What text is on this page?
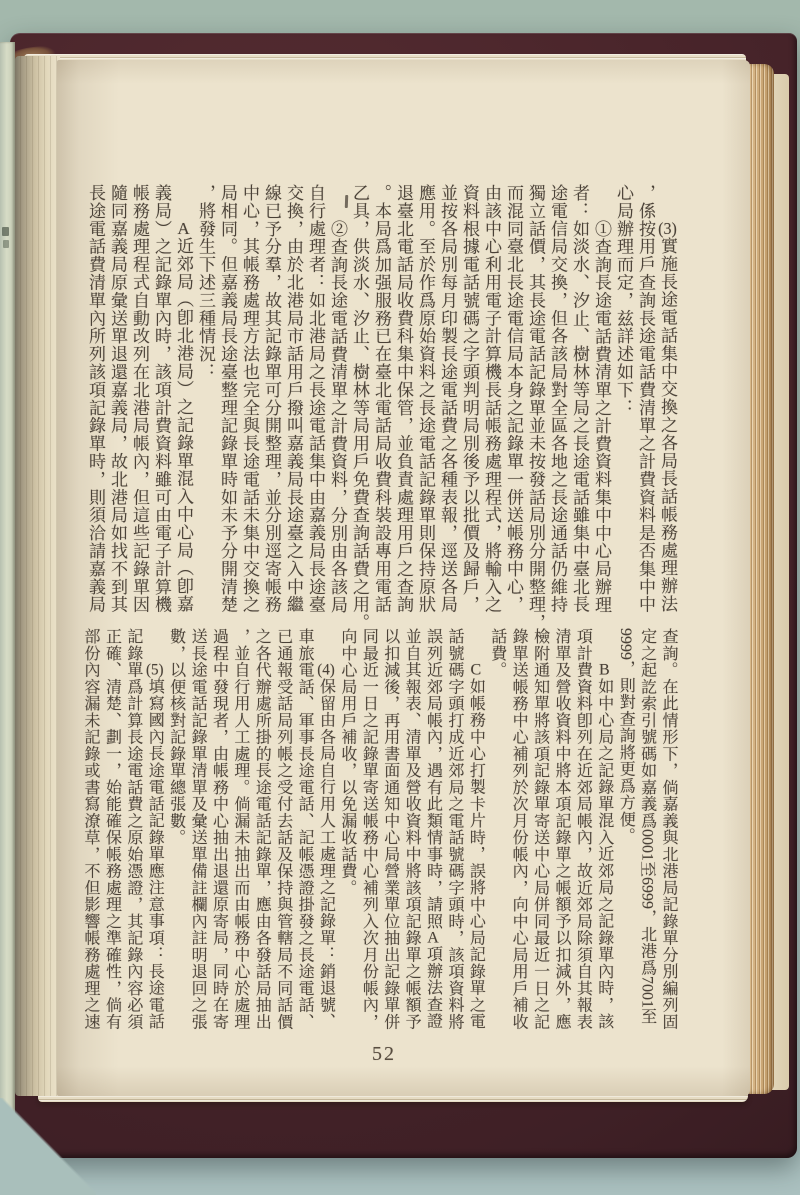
(3)實施長途電話集中交換之各局長話帳務處理辦法
，係按用戶查詢長途電話費清單之計費資料是否集中中
心局辦理而定，兹詳述如下：
①查詢長途電話費清單之計費資料集中中心局辦理
者：如淡水、汐止、樹林等局之長途電話雖集中臺北長
途電信局交換，但各該局對全區各地之長途通話仍維持
獨立話價，其長途電話記錄單並未按發話局別分開整理，
而混同臺北長途電信局本身之記錄單一併送帳務中心，
由該中心利用電子計算機長話帳務處理程式，將輸入之
資料根據電話號碼之字頭判明局別後予以批價及歸戶，
並按各局別每月印製長途電話費之各種表報，逕送各局
應用。至於作爲原始資料之長途電話記錄單則保持原狀
退臺北電話局收費科集中保管，並負責處理用戶之查詢
。本局爲加强服務已在臺北電話局收費科裝設專用電話
乙具，供淡水、汐止、樹林等局用戶免費查詢話費之用。
②查詢長途電話費清單之計費資料，分別由各該局
自行處理者：如北港局之長途電話集中由嘉義局長途臺
交換，由於北港局市話用戶撥叫嘉義局長途臺之入中繼
線已予分羣，故其記錄單可分開整理，並分別逕寄帳務
中心，其帳務處理方法也完全與長途電話未集中交換之
局相同。但嘉義局長途臺整理記錄單時如未予分開清楚
，將發生下述三種情況：
A近郊局（卽北港局）之記錄單混入中心局（卽嘉
義局）之記錄單內時，該項計費資料雖可由電子計算機
帳務處理程式自動改列在北港局帳內，但這些記錄單因
隨同嘉義局原彙送單退還嘉義局，故北港局如找不到其
長途電話費清單內所列該項記錄單時，則須洽請嘉義局
查詢。在此情形下，倘嘉義與北港局記錄單分別編列固
定之起訖索引號碼如嘉義爲0001至6999，北港爲7001至
9999，則對查詢將更爲方便。
B如中心局之記錄單混入近郊局之記錄單內時，該
項計費資料卽列在近郊局帳內，故近郊局除須自其報表
清單及營收資料中將本項記錄單之帳額予以扣減外，應
檢附通知單將該項記錄單寄送中心局併同最近一日之記
錄單送帳務中心補列於次月份帳內，向中心局用戶補收
話費。
C如帳務中心打製卡片時，誤將中心局記錄單之電
話號碼字頭打成近郊局之電話號碼字頭時，該項資料將
誤列近郊局帳內，遇有此類情事時，請照A項辦法查證
並自其報表、清單及營收資料中將該項記錄單之帳額予
以扣減後，再用書面通知中心局營業單位抽出記錄單併
同最近一日之記錄單寄送帳務中心補列入次月份帳內，
向中心局用戶補收，以免漏收話費。
(4)保留由各局自行用人工處理之記錄單：銷退號、
車旅電話、軍事長途電話、記帳憑證掛發之長途電話、
已通報受話局列帳之受付去話及保持與管轄局不同話價
之各代辦處所掛的長途電話記錄單，應由各發話局抽出
，並自行用人工處理。倘漏未抽出而由帳務中心於處理
過程中發現者，由帳務中心抽出退還原寄局，同時在寄
送長途電話記錄單清單及彙送單備註欄內註明退回之張
數，以便核對記錄單總張數。
(5)填寫國內長途電話記錄單應注意事項：長途電話
記錄單爲計算長途電話費之原始憑證，其記錄內容必須
正確、清楚、劃一，始能確保帳務處理之準確性，倘有
部份內容漏未記錄或書寫潦草，不但影響帳務處理之速
52
